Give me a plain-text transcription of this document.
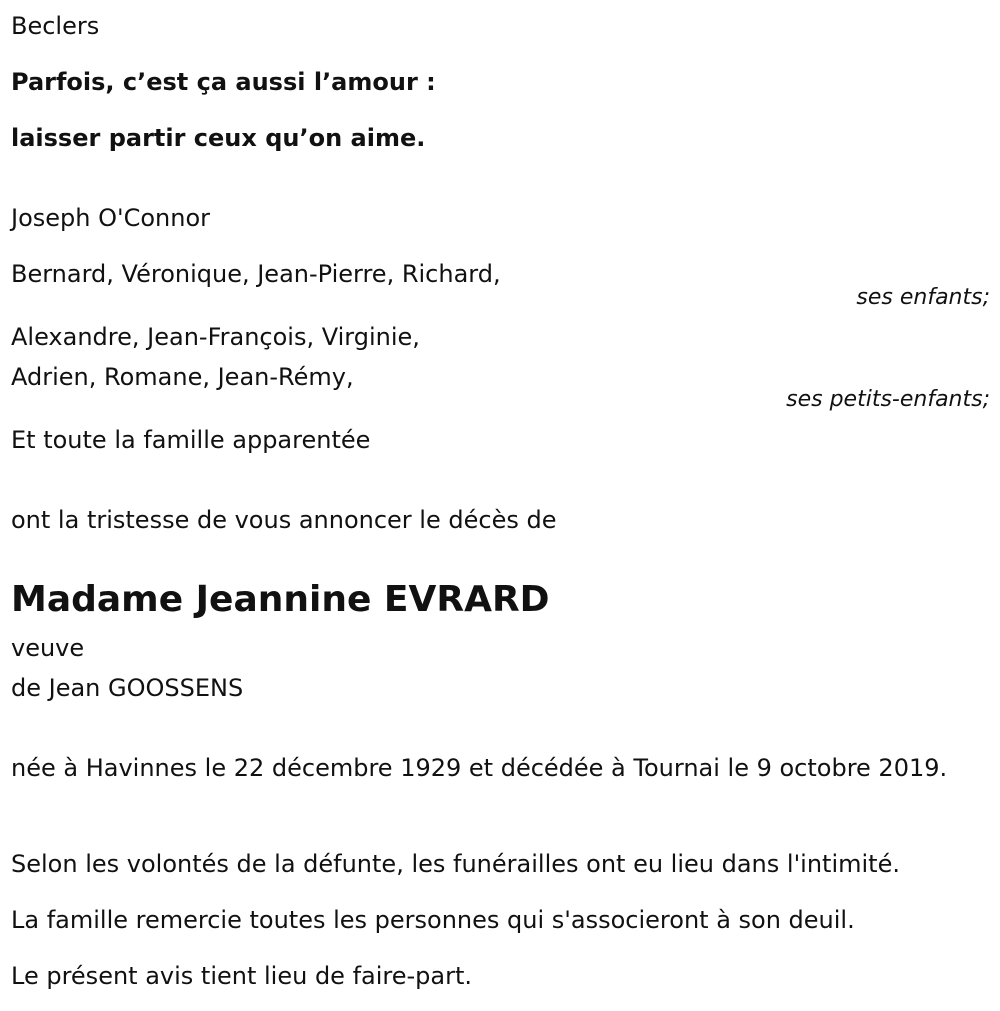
Beclers
Parfois, c’est ça aussi l’amour :
laisser partir ceux qu’on aime.
Joseph O'Connor
Bernard, Véronique, Jean-Pierre, Richard,
ses enfants;
Alexandre, Jean-François, Virginie,
Adrien, Romane, Jean-Rémy,
ses petits-enfants;
Et toute la famille apparentée
ont la tristesse de vous annoncer le décès de
Madame Jeannine EVRARD
veuve
de Jean GOOSSENS
née à Havinnes le 22 décembre 1929 et décédée à Tournai le 9 octobre 2019.
Selon les volontés de la défunte, les funérailles ont eu lieu dans l'intimité.
La famille remercie toutes les personnes qui s'associeront à son deuil.
Le présent avis tient lieu de faire-part.
